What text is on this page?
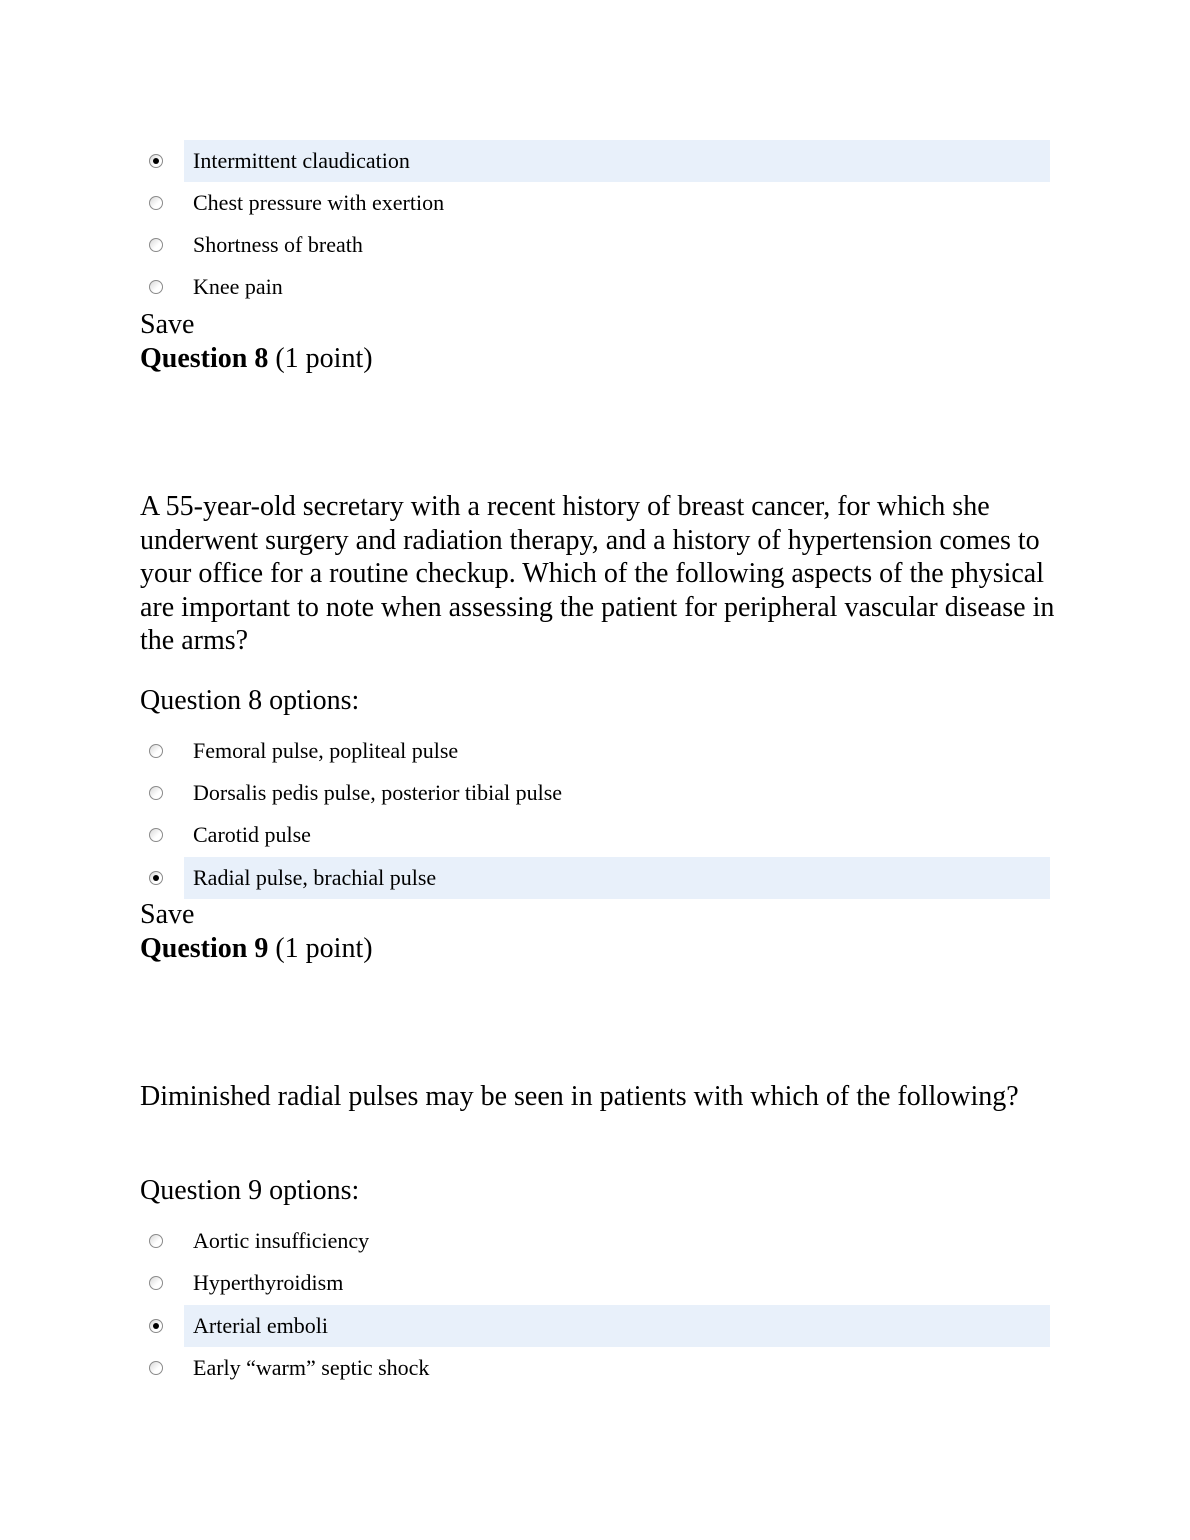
Intermittent claudication
Chest pressure with exertion
Shortness of breath
Knee pain
Save
Question 8 (1 point)
A 55-year-old secretary with a recent history of breast cancer, for which she underwent surgery and radiation therapy, and a history of hypertension comes to your office for a routine checkup. Which of the following aspects of the physical are important to note when assessing the patient for peripheral vascular disease in the arms?
Question 8 options:
Femoral pulse, popliteal pulse
Dorsalis pedis pulse, posterior tibial pulse
Carotid pulse
Radial pulse, brachial pulse
Save
Question 9 (1 point)
Diminished radial pulses may be seen in patients with which of the following?
Question 9 options:
Aortic insufficiency
Hyperthyroidism
Arterial emboli
Early “warm” septic shock
